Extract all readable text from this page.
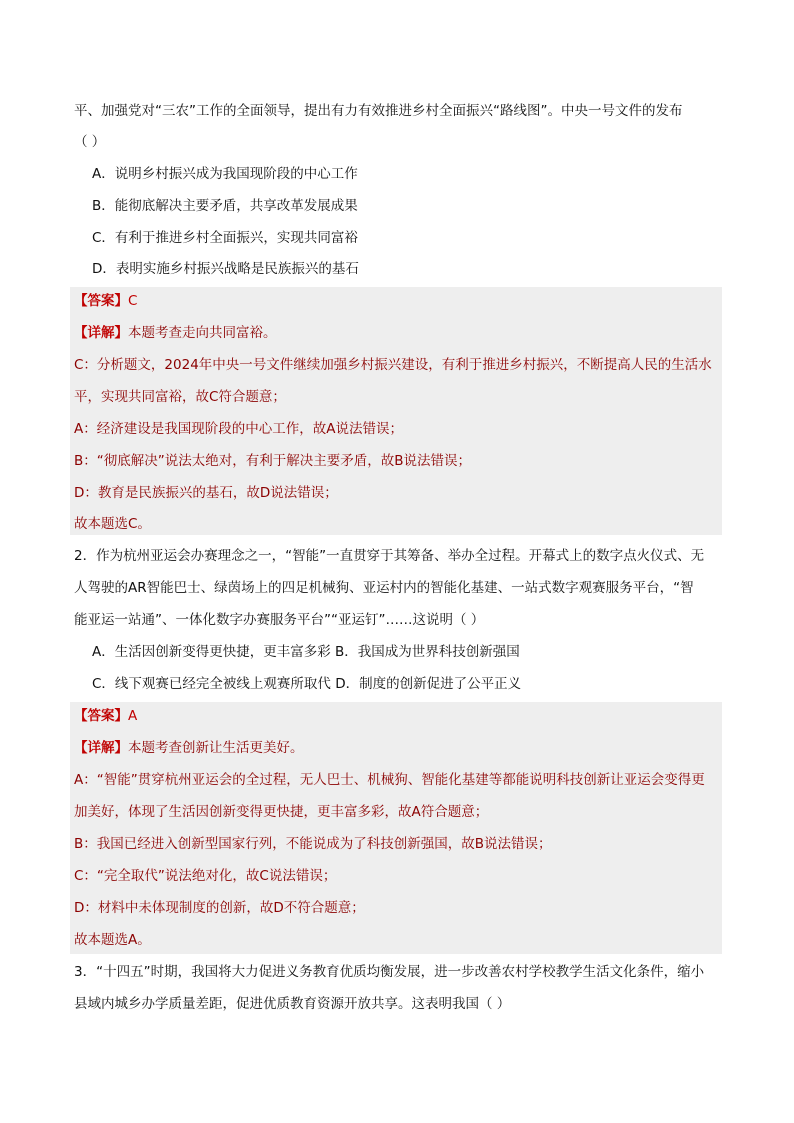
平、加强党对“三农”工作的全面领导，提出有力有效推进乡村全面振兴“路线图”。中央一号文件的发布
（ ）
A．说明乡村振兴成为我国现阶段的中心工作
B．能彻底解决主要矛盾，共享改革发展成果
C．有利于推进乡村全面振兴，实现共同富裕
D．表明实施乡村振兴战略是民族振兴的基石
【答案】C
【详解】本题考查走向共同富裕。
C：分析题文，2024年中央一号文件继续加强乡村振兴建设，有利于推进乡村振兴，不断提高人民的生活水
平，实现共同富裕，故C符合题意；
A：经济建设是我国现阶段的中心工作，故A说法错误；
B：“彻底解决”说法太绝对，有利于解决主要矛盾，故B说法错误；
D：教育是民族振兴的基石，故D说法错误；
故本题选C。
2．作为杭州亚运会办赛理念之一，“智能”一直贯穿于其筹备、举办全过程。开幕式上的数字点火仪式、无
人驾驶的AR智能巴士、绿茵场上的四足机械狗、亚运村内的智能化基建、一站式数字观赛服务平台，“智
能亚运一站通”、一体化数字办赛服务平台”“亚运钉”……这说明（ ）
A．生活因创新变得更快捷，更丰富多彩 B．我国成为世界科技创新强国
C．线下观赛已经完全被线上观赛所取代 D．制度的创新促进了公平正义
【答案】A
【详解】本题考查创新让生活更美好。
A：“智能”贯穿杭州亚运会的全过程，无人巴士、机械狗、智能化基建等都能说明科技创新让亚运会变得更
加美好，体现了生活因创新变得更快捷，更丰富多彩，故A符合题意；
B：我国已经进入创新型国家行列，不能说成为了科技创新强国，故B说法错误；
C：“完全取代”说法绝对化，故C说法错误；
D：材料中未体现制度的创新，故D不符合题意；
故本题选A。
3．“十四五”时期，我国将大力促进义务教育优质均衡发展，进一步改善农村学校教学生活文化条件，缩小
县域内城乡办学质量差距，促进优质教育资源开放共享。这表明我国（ ）
